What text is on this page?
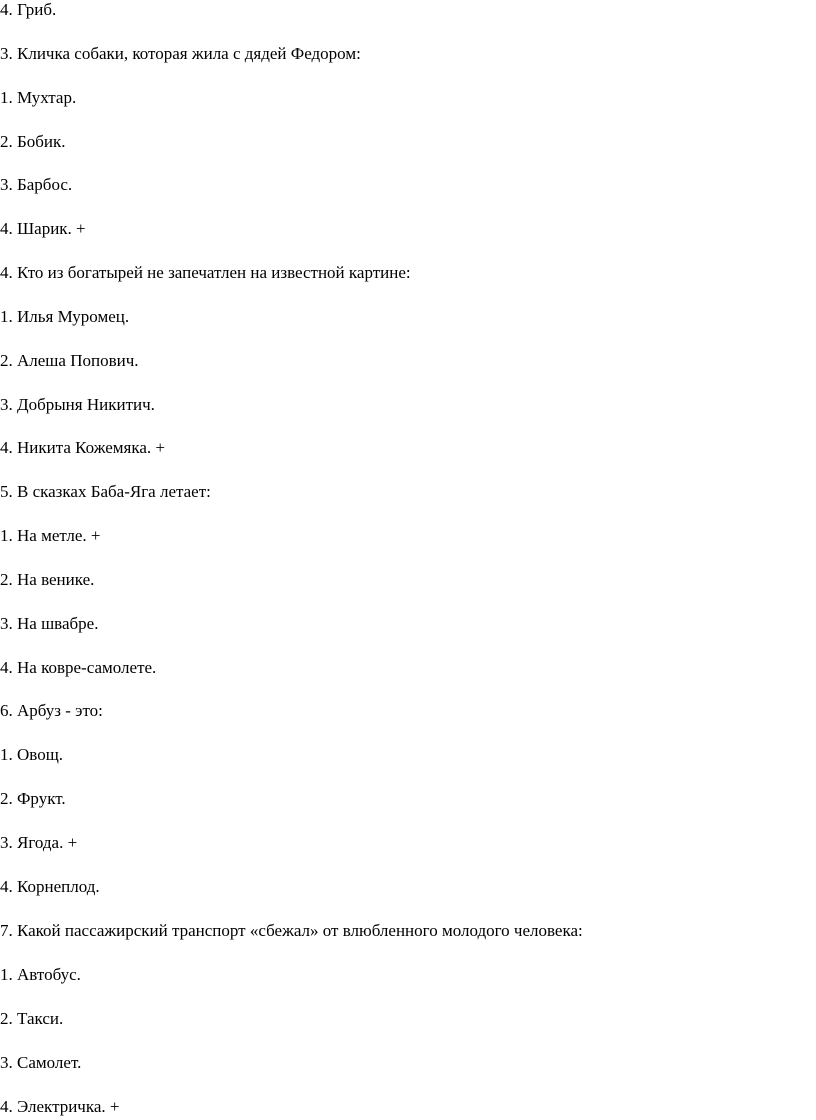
4. Гриб.

3. Кличка собаки, которая жила с дядей Федором:

1. Мухтар.

2. Бобик.

3. Барбос.

4. Шарик. +

4. Кто из богатырей не запечатлен на известной картине:

1. Илья Муромец.

2. Алеша Попович.

3. Добрыня Никитич.

4. Никита Кожемяка. +

5. В сказках Баба-Яга летает:

1. На метле. +

2. На венике.

3. На швабре.

4. На ковре-самолете.

6. Арбуз - это:

1. Овощ.

2. Фрукт.

3. Ягода. +

4. Корнеплод.

7. Какой пассажирский транспорт «сбежал» от влюбленного молодого человека:

1. Автобус.

2. Такси.

3. Самолет.

4. Электричка. +
